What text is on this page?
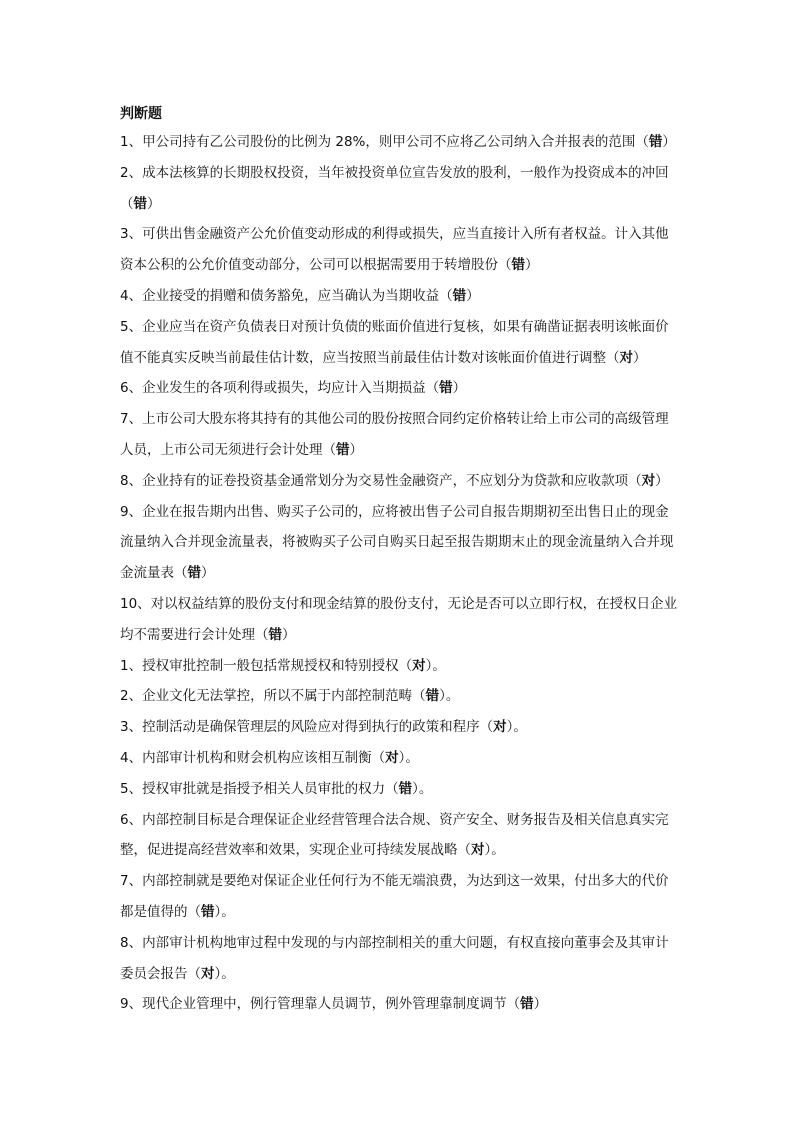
判断题

1、甲公司持有乙公司股份的比例为 28%，则甲公司不应将乙公司纳入合并报表的范围（错）

2、成本法核算的长期股权投资，当年被投资单位宣告发放的股利，一般作为投资成本的冲回（错）

3、可供出售金融资产公允价值变动形成的利得或损失，应当直接计入所有者权益。计入其他资本公积的公允价值变动部分，公司可以根据需要用于转增股份（错）

4、企业接受的捐赠和债务豁免，应当确认为当期收益（错）

5、企业应当在资产负债表日对预计负债的账面价值进行复核，如果有确凿证据表明该帐面价值不能真实反映当前最佳估计数，应当按照当前最佳估计数对该帐面价值进行调整（对）

6、企业发生的各项利得或损失，均应计入当期损益（错）

7、上市公司大股东将其持有的其他公司的股份按照合同约定价格转让给上市公司的高级管理人员，上市公司无须进行会计处理（错）

8、企业持有的证卷投资基金通常划分为交易性金融资产，不应划分为贷款和应收款项（对）

9、企业在报告期内出售、购买子公司的，应将被出售子公司自报告期期初至出售日止的现金流量纳入合并现金流量表，将被购买子公司自购买日起至报告期期末止的现金流量纳入合并现金流量表（错）

10、对以权益结算的股份支付和现金结算的股份支付，无论是否可以立即行权，在授权日企业均不需要进行会计处理（错）

1、授权审批控制一般包括常规授权和特别授权（对）。

2、企业文化无法掌控，所以不属于内部控制范畴（错）。

3、控制活动是确保管理层的风险应对得到执行的政策和程序（对）。

4、内部审计机构和财会机构应该相互制衡（对）。

5、授权审批就是指授予相关人员审批的权力（错）。

6、内部控制目标是合理保证企业经营管理合法合规、资产安全、财务报告及相关信息真实完整，促进提高经营效率和效果，实现企业可持续发展战略（对）。

7、内部控制就是要绝对保证企业任何行为不能无端浪费，为达到这一效果，付出多大的代价都是值得的（错）。

8、内部审计机构地审过程中发现的与内部控制相关的重大问题，有权直接向董事会及其审计委员会报告（对）。

9、现代企业管理中，例行管理靠人员调节，例外管理靠制度调节（错）
